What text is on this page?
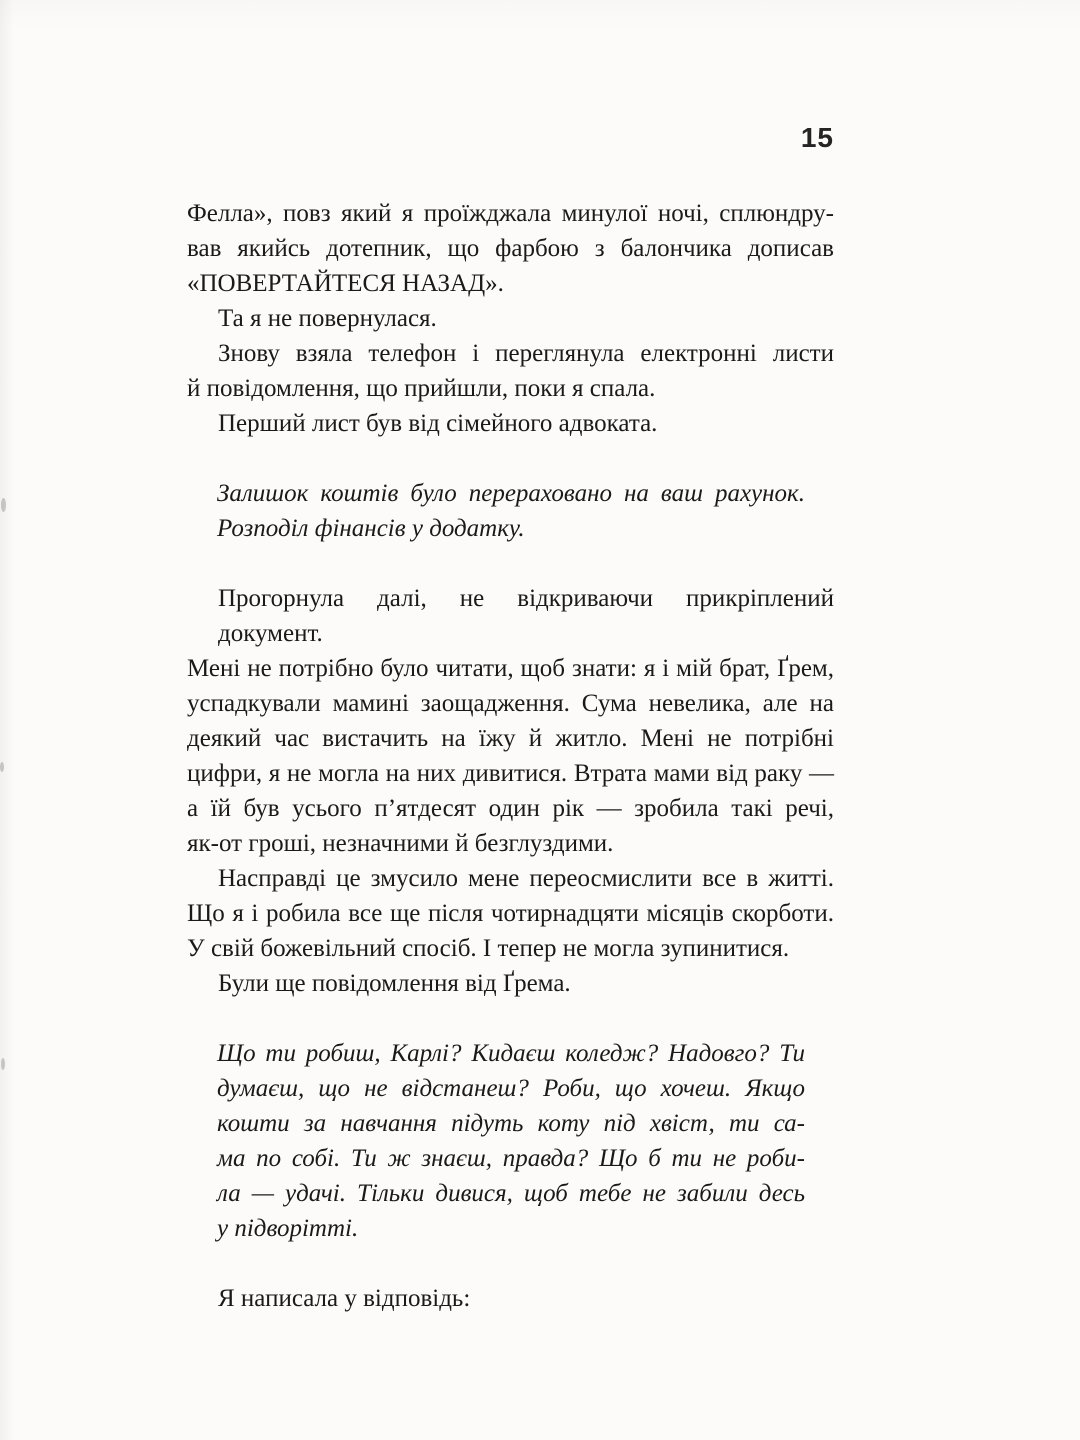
15
Фелла», повз який я проїжджала минулої ночі, сплюндру-
вав якийсь дотепник, що фарбою з балончика дописав
«ПОВЕРТАЙТЕСЯ НАЗАД».
Та я не повернулася.
Знову взяла телефон і переглянула електронні листи
й повідомлення, що прийшли, поки я спала.
Перший лист був від сімейного адвоката.
Залишок коштів було перераховано на ваш рахунок.
Розподіл фінансів у додатку.
Прогорнула далі, не відкриваючи прикріплений документ.
Мені не потрібно було читати, щоб знати: я і мій брат, Ґрем,
успадкували мамині заощадження. Сума невелика, але на
деякий час вистачить на їжу й житло. Мені не потрібні
цифри, я не могла на них дивитися. Втрата мами від раку —
а їй був усього п’ятдесят один рік — зробила такі речі,
як-от гроші, незначними й безглуздими.
Насправді це змусило мене переосмислити все в житті.
Що я і робила все ще після чотирнадцяти місяців скорботи.
У свій божевільний спосіб. І тепер не могла зупинитися.
Були ще повідомлення від Ґрема.
Що ти робиш, Карлі? Кидаєш коледж? Надовго? Ти
думаєш, що не відстанеш? Роби, що хочеш. Якщо
кошти за навчання підуть коту під хвіст, ти са-
ма по собі. Ти ж знаєш, правда? Що б ти не роби-
ла — удачі. Тільки дивися, щоб тебе не забили десь
у підворітті.
Я написала у відповідь:
